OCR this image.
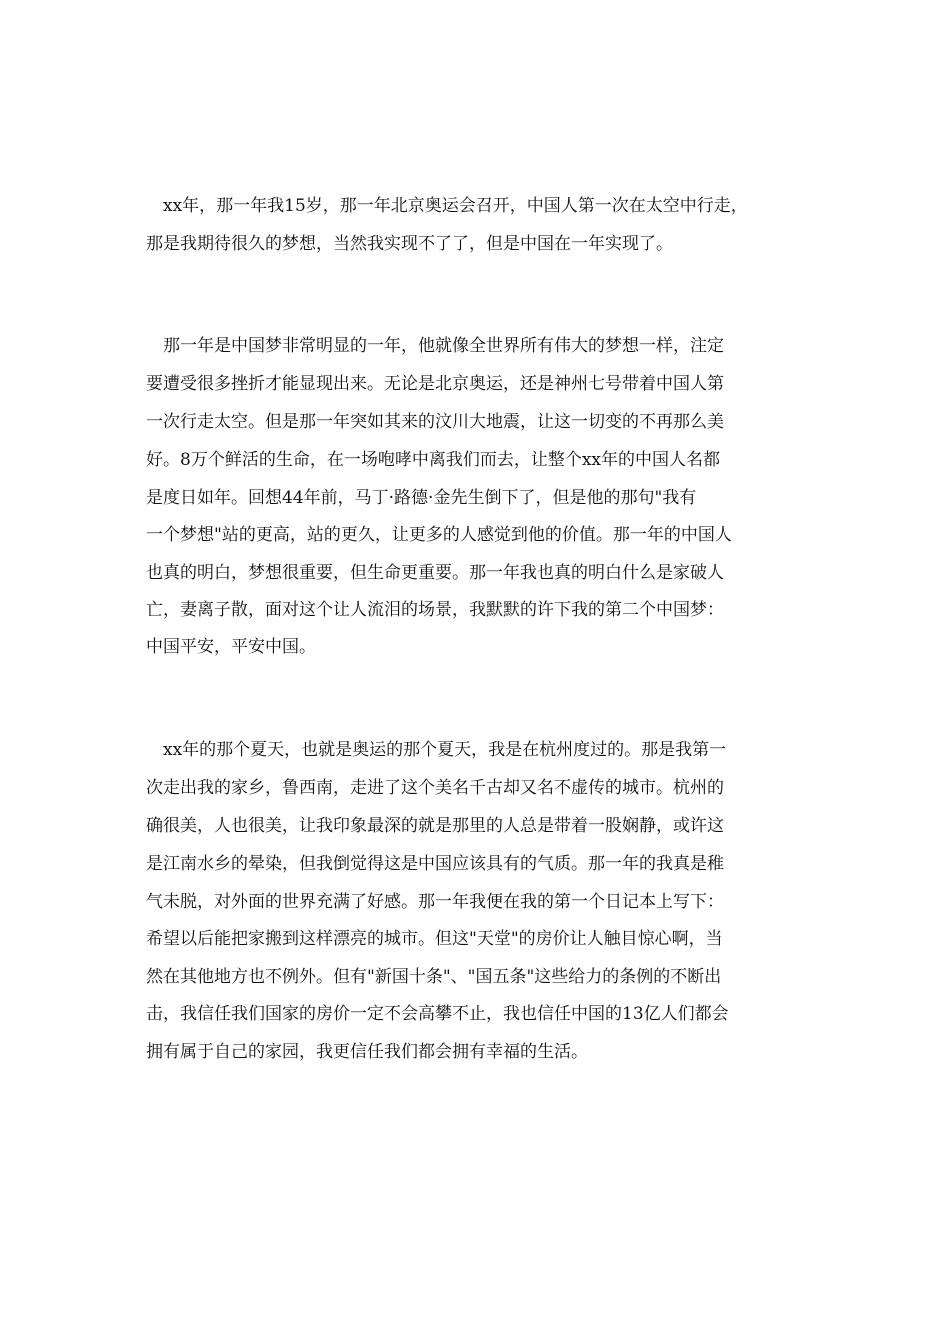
xx年，那一年我15岁，那一年北京奥运会召开，中国人第一次在太空中行走，

那是我期待很久的梦想，当然我实现不了了，但是中国在一年实现了。

那一年是中国梦非常明显的一年，他就像全世界所有伟大的梦想一样，注定

要遭受很多挫折才能显现出来。无论是北京奥运，还是神州七号带着中国人第

一次行走太空。但是那一年突如其来的汶川大地震，让这一切变的不再那么美

好。8万个鲜活的生命，在一场咆哮中离我们而去，让整个xx年的中国人名都

是度日如年。回想44年前，马丁·路德·金先生倒下了，但是他的那句"我有

一个梦想"站的更高，站的更久，让更多的人感觉到他的价值。那一年的中国人

也真的明白，梦想很重要，但生命更重要。那一年我也真的明白什么是家破人

亡，妻离子散，面对这个让人流泪的场景，我默默的许下我的第二个中国梦：

中国平安，平安中国。

xx年的那个夏天，也就是奥运的那个夏天，我是在杭州度过的。那是我第一

次走出我的家乡，鲁西南，走进了这个美名千古却又名不虚传的城市。杭州的

确很美，人也很美，让我印象最深的就是那里的人总是带着一股娴静，或许这

是江南水乡的晕染，但我倒觉得这是中国应该具有的气质。那一年的我真是稚

气未脱，对外面的世界充满了好感。那一年我便在我的第一个日记本上写下：

希望以后能把家搬到这样漂亮的城市。但这"天堂"的房价让人触目惊心啊，当

然在其他地方也不例外。但有"新国十条"、"国五条"这些给力的条例的不断出

击，我信任我们国家的房价一定不会高攀不止，我也信任中国的13亿人们都会

拥有属于自己的家园，我更信任我们都会拥有幸福的生活。
